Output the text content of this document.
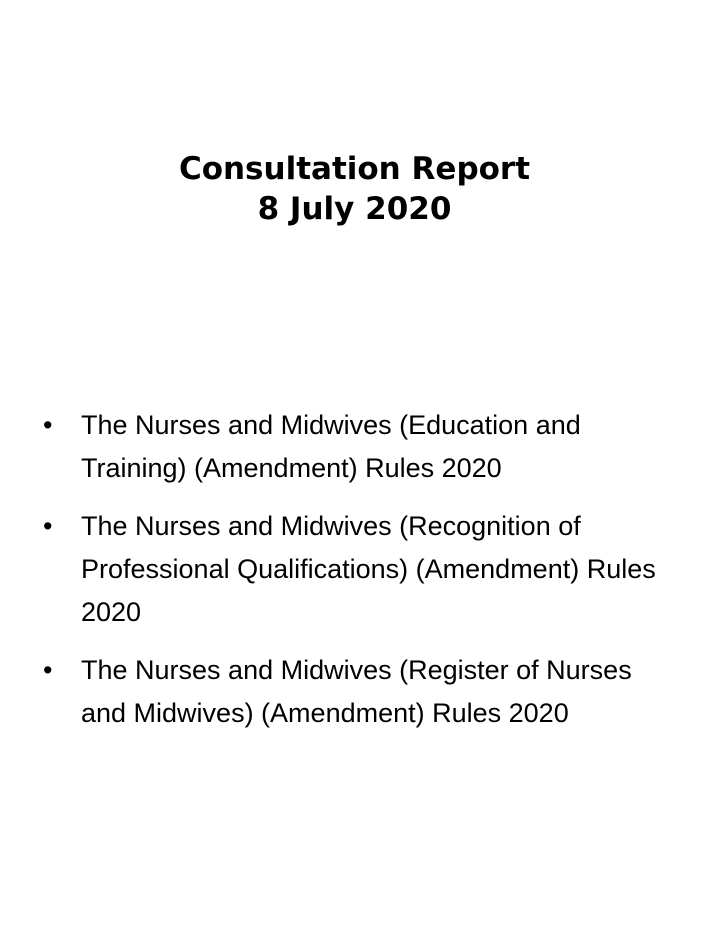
Consultation Report
8 July 2020
•	The Nurses and Midwives (Education and Training) (Amendment) Rules 2020
•	The Nurses and Midwives (Recognition of Professional Qualifications) (Amendment) Rules 2020
•	The Nurses and Midwives (Register of Nurses and Midwives) (Amendment) Rules 2020
